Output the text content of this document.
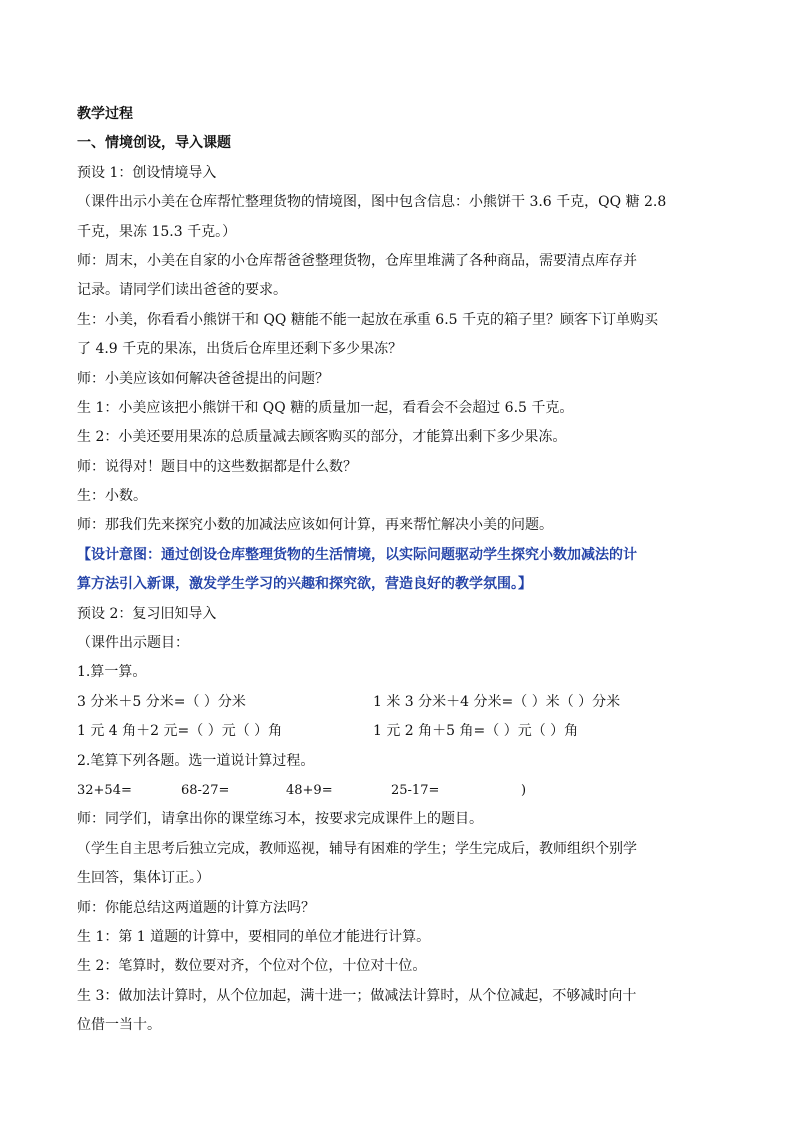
教学过程
一、情境创设，导入课题
预设 1：创设情境导入
（课件出示小美在仓库帮忙整理货物的情境图，图中包含信息：小熊饼干 3.6 千克，QQ 糖 2.8
千克，果冻 15.3 千克。）
师：周末，小美在自家的小仓库帮爸爸整理货物，仓库里堆满了各种商品，需要清点库存并
记录。请同学们读出爸爸的要求。
生：小美，你看看小熊饼干和 QQ 糖能不能一起放在承重 6.5 千克的箱子里？顾客下订单购买
了 4.9 千克的果冻，出货后仓库里还剩下多少果冻？
师：小美应该如何解决爸爸提出的问题？
生 1：小美应该把小熊饼干和 QQ 糖的质量加一起，看看会不会超过 6.5 千克。
生 2：小美还要用果冻的总质量减去顾客购买的部分，才能算出剩下多少果冻。
师：说得对！题目中的这些数据都是什么数？
生：小数。
师：那我们先来探究小数的加减法应该如何计算，再来帮忙解决小美的问题。
【设计意图：通过创设仓库整理货物的生活情境，以实际问题驱动学生探究小数加减法的计
算方法引入新课，激发学生学习的兴趣和探究欲，营造良好的教学氛围。】
预设 2：复习旧知导入
（课件出示题目：
1.算一算。
3 分米＋5 分米=（ ）分米	1 米 3 分米＋4 分米=（ ）米（ ）分米
1 元 4 角＋2 元=（ ）元（ ）角	1 元 2 角＋5 角=（ ）元（ ）角
2.笔算下列各题。选一道说计算过程。
32+54=	68-27=	48+9=	25-17=	)
师：同学们，请拿出你的课堂练习本，按要求完成课件上的题目。
（学生自主思考后独立完成，教师巡视，辅导有困难的学生；学生完成后，教师组织个别学
生回答，集体订正。）
师：你能总结这两道题的计算方法吗？
生 1：第 1 道题的计算中，要相同的单位才能进行计算。
生 2：笔算时，数位要对齐，个位对个位，十位对十位。
生 3：做加法计算时，从个位加起，满十进一；做减法计算时，从个位减起，不够减时向十
位借一当十。
